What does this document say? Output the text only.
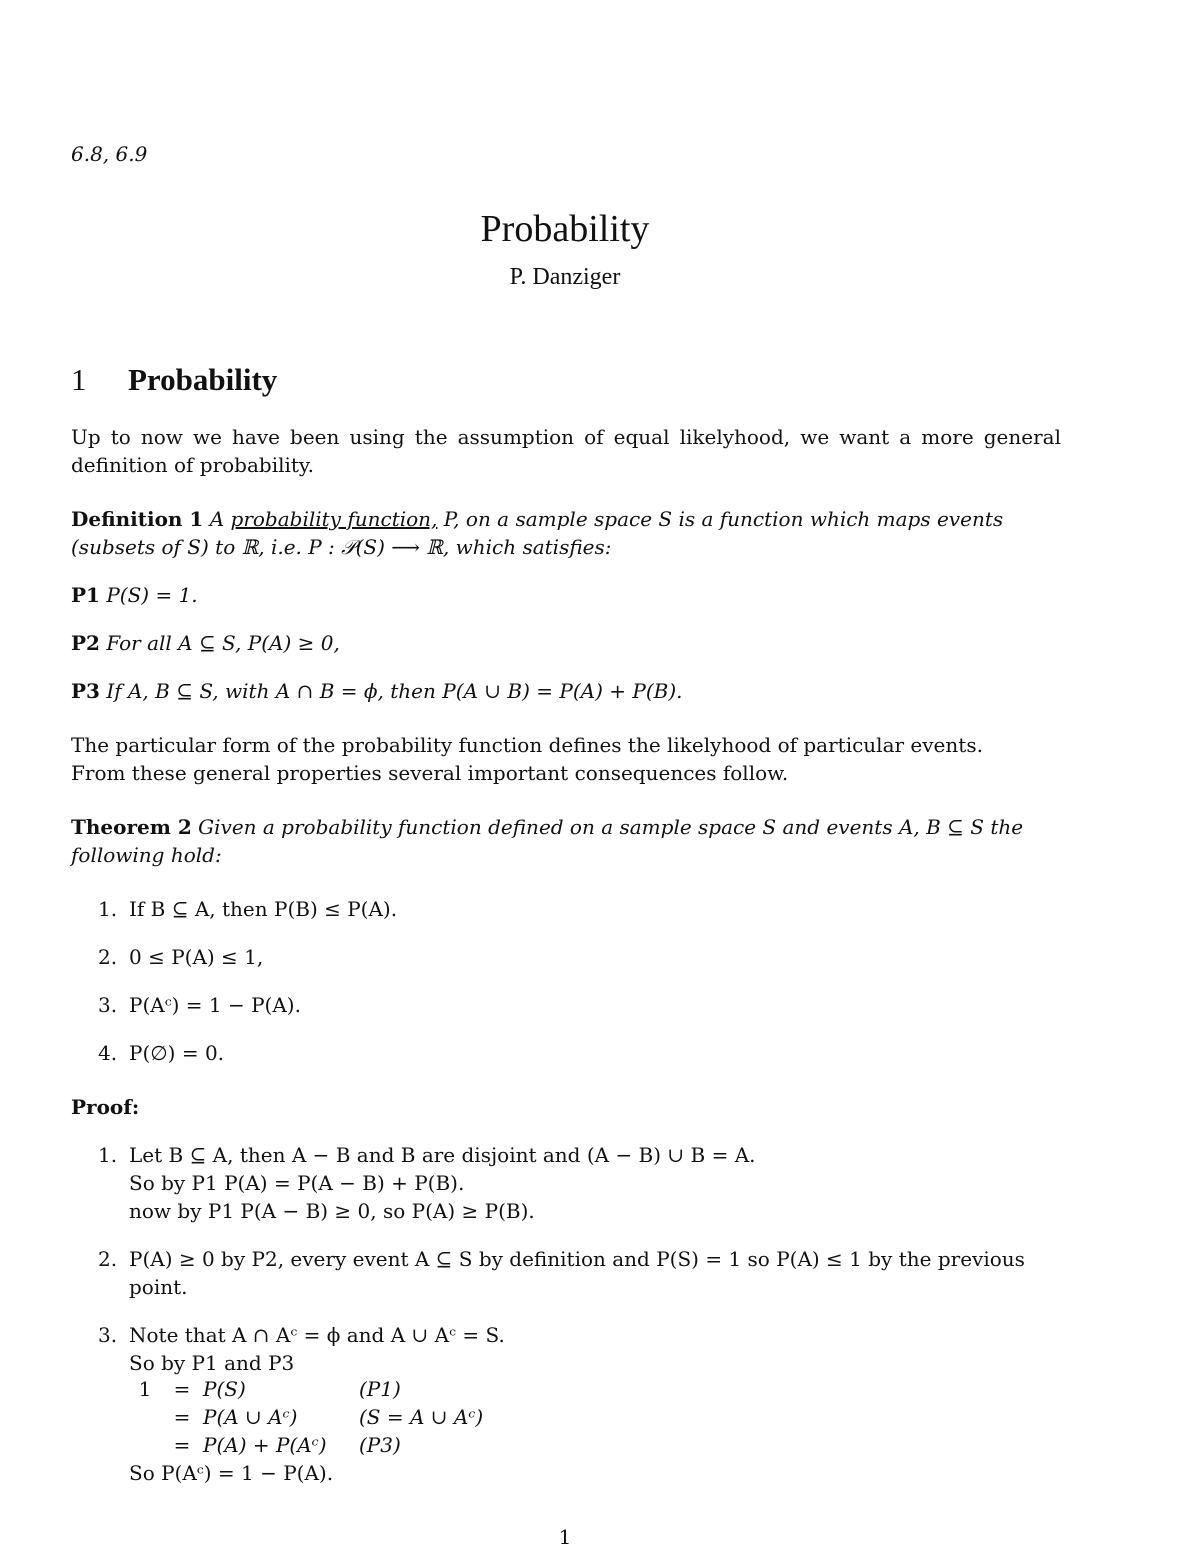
6.8, 6.9
Probability
P. Danziger
1 Probability
Up to now we have been using the assumption of equal likelyhood, we want a more general definition of probability.
Definition 1 A probability function, P, on a sample space S is a function which maps events
(subsets of S) to ℝ, i.e. P : 𝒫(S) ⟶ ℝ, which satisfies:
P1 P(S) = 1.
P2 For all A ⊆ S, P(A) ≥ 0,
P3 If A, B ⊆ S, with A ∩ B = ϕ, then P(A ∪ B) = P(A) + P(B).
The particular form of the probability function defines the likelyhood of particular events.
From these general properties several important consequences follow.
Theorem 2 Given a probability function defined on a sample space S and events A, B ⊆ S the
following hold:
1. If B ⊆ A, then P(B) ≤ P(A).
2. 0 ≤ P(A) ≤ 1,
3. P(Aᶜ) = 1 − P(A).
4. P(∅) = 0.
Proof:
1. Let B ⊆ A, then A − B and B are disjoint and (A − B) ∪ B = A.
So by P1 P(A) = P(A − B) + P(B).
now by P1 P(A − B) ≥ 0, so P(A) ≥ P(B).
2. P(A) ≥ 0 by P2, every event A ⊆ S by definition and P(S) = 1 so P(A) ≤ 1 by the previous
point.
3. Note that A ∩ Aᶜ = ϕ and A ∪ Aᶜ = S.
So by P1 and P3
1	=	P(S)	(P1)
	=	P(A ∪ Aᶜ)	(S = A ∪ Aᶜ)
	=	P(A) + P(Aᶜ)	(P3)
So P(Aᶜ) = 1 − P(A).
1
